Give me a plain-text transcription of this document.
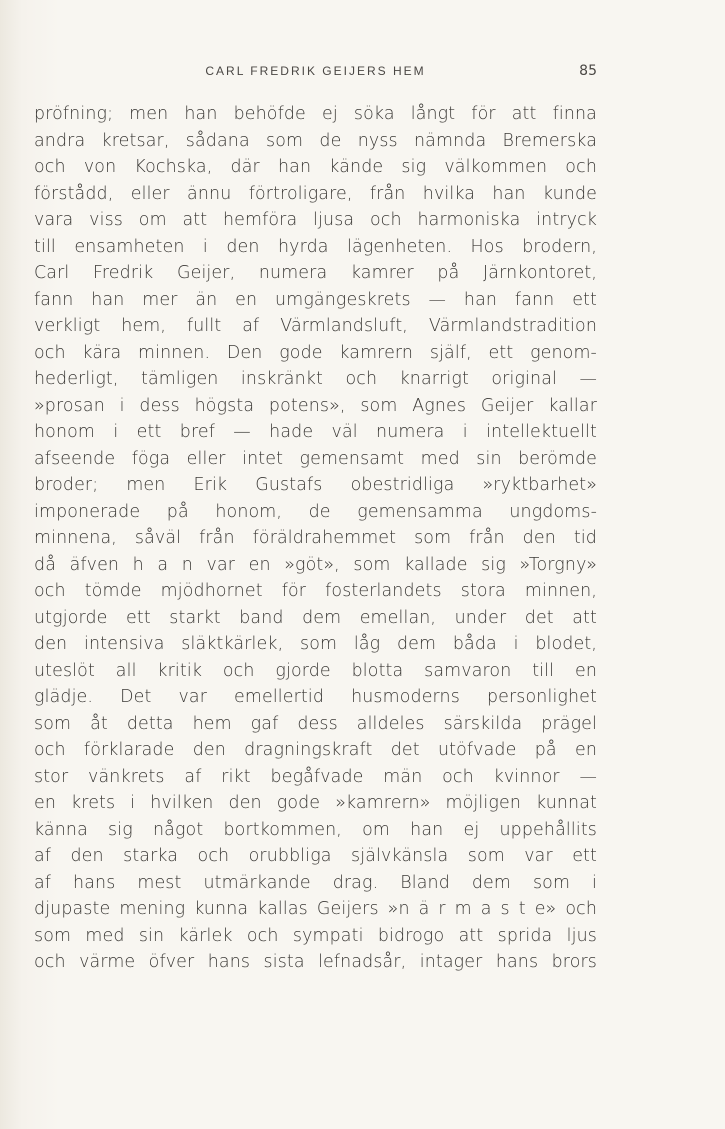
CARL FREDRIK GEIJERS HEM	85
pröfning; men han behöfde ej söka långt för att finna
andra kretsar, sådana som de nyss nämnda Bremerska
och von Kochska, där han kände sig välkommen och
förstådd, eller ännu förtroligare, från hvilka han kunde
vara viss om att hemföra ljusa och harmoniska intryck
till ensamheten i den hyrda lägenheten. Hos brodern,
Carl Fredrik Geijer, numera kamrer på Järnkontoret,
fann han mer än en umgängeskrets — han fann ett
verkligt hem, fullt af Värmlandsluft, Värmlandstradition
och kära minnen. Den gode kamrern själf, ett genom-
hederligt, tämligen inskränkt och knarrigt original —
»prosan i dess högsta potens», som Agnes Geijer kallar
honom i ett bref — hade väl numera i intellektuellt
afseende föga eller intet gemensamt med sin berömde
broder; men Erik Gustafs obestridliga »ryktbarhet»
imponerade på honom, de gemensamma ungdoms-
minnena, såväl från föräldrahemmet som från den tid
då äfven h a n var en »göt», som kallade sig »Torgny»
och tömde mjödhornet för fosterlandets stora minnen,
utgjorde ett starkt band dem emellan, under det att
den intensiva släktkärlek, som låg dem båda i blodet,
uteslöt all kritik och gjorde blotta samvaron till en
glädje. Det var emellertid husmoderns personlighet
som åt detta hem gaf dess alldeles särskilda prägel
och förklarade den dragningskraft det utöfvade på en
stor vänkrets af rikt begåfvade män och kvinnor —
en krets i hvilken den gode »kamrern» möjligen kunnat
känna sig något bortkommen, om han ej uppehållits
af den starka och orubbliga självkänsla som var ett
af hans mest utmärkande drag. Bland dem som i
djupaste mening kunna kallas Geijers »n ä r m a s t e» och
som med sin kärlek och sympati bidrogo att sprida ljus
och värme öfver hans sista lefnadsår, intager hans brors
